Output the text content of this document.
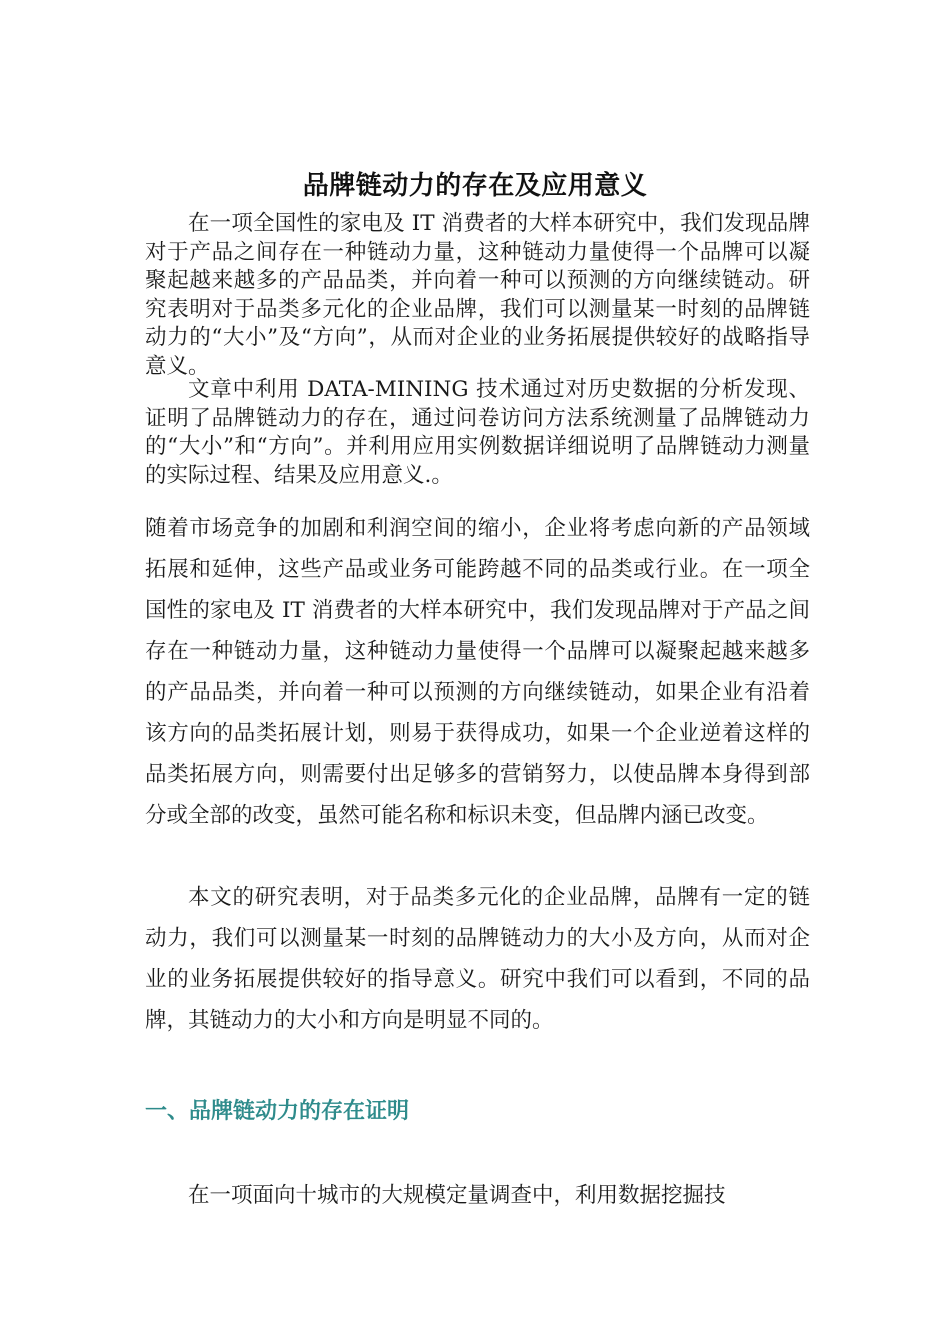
品牌链动力的存在及应用意义

在一项全国性的家电及 IT 消费者的大样本研究中，我们发现品牌对于产品之间存在一种链动力量，这种链动力量使得一个品牌可以凝聚起越来越多的产品品类，并向着一种可以预测的方向继续链动。研究表明对于品类多元化的企业品牌，我们可以测量某一时刻的品牌链动力的“大小”及“方向”，从而对企业的业务拓展提供较好的战略指导意义。

文章中利用 DATA-MINING 技术通过对历史数据的分析发现、证明了品牌链动力的存在，通过问卷访问方法系统测量了品牌链动力的“大小”和“方向”。并利用应用实例数据详细说明了品牌链动力测量的实际过程、结果及应用意义.。

随着市场竞争的加剧和利润空间的缩小，企业将考虑向新的产品领域拓展和延伸，这些产品或业务可能跨越不同的品类或行业。在一项全国性的家电及 IT 消费者的大样本研究中，我们发现品牌对于产品之间存在一种链动力量，这种链动力量使得一个品牌可以凝聚起越来越多的产品品类，并向着一种可以预测的方向继续链动，如果企业有沿着该方向的品类拓展计划，则易于获得成功，如果一个企业逆着这样的品类拓展方向，则需要付出足够多的营销努力，以使品牌本身得到部分或全部的改变，虽然可能名称和标识未变，但品牌内涵已改变。

本文的研究表明，对于品类多元化的企业品牌，品牌有一定的链动力，我们可以测量某一时刻的品牌链动力的大小及方向，从而对企业的业务拓展提供较好的指导意义。研究中我们可以看到，不同的品牌，其链动力的大小和方向是明显不同的。

一、品牌链动力的存在证明

在一项面向十城市的大规模定量调查中，利用数据挖掘技
